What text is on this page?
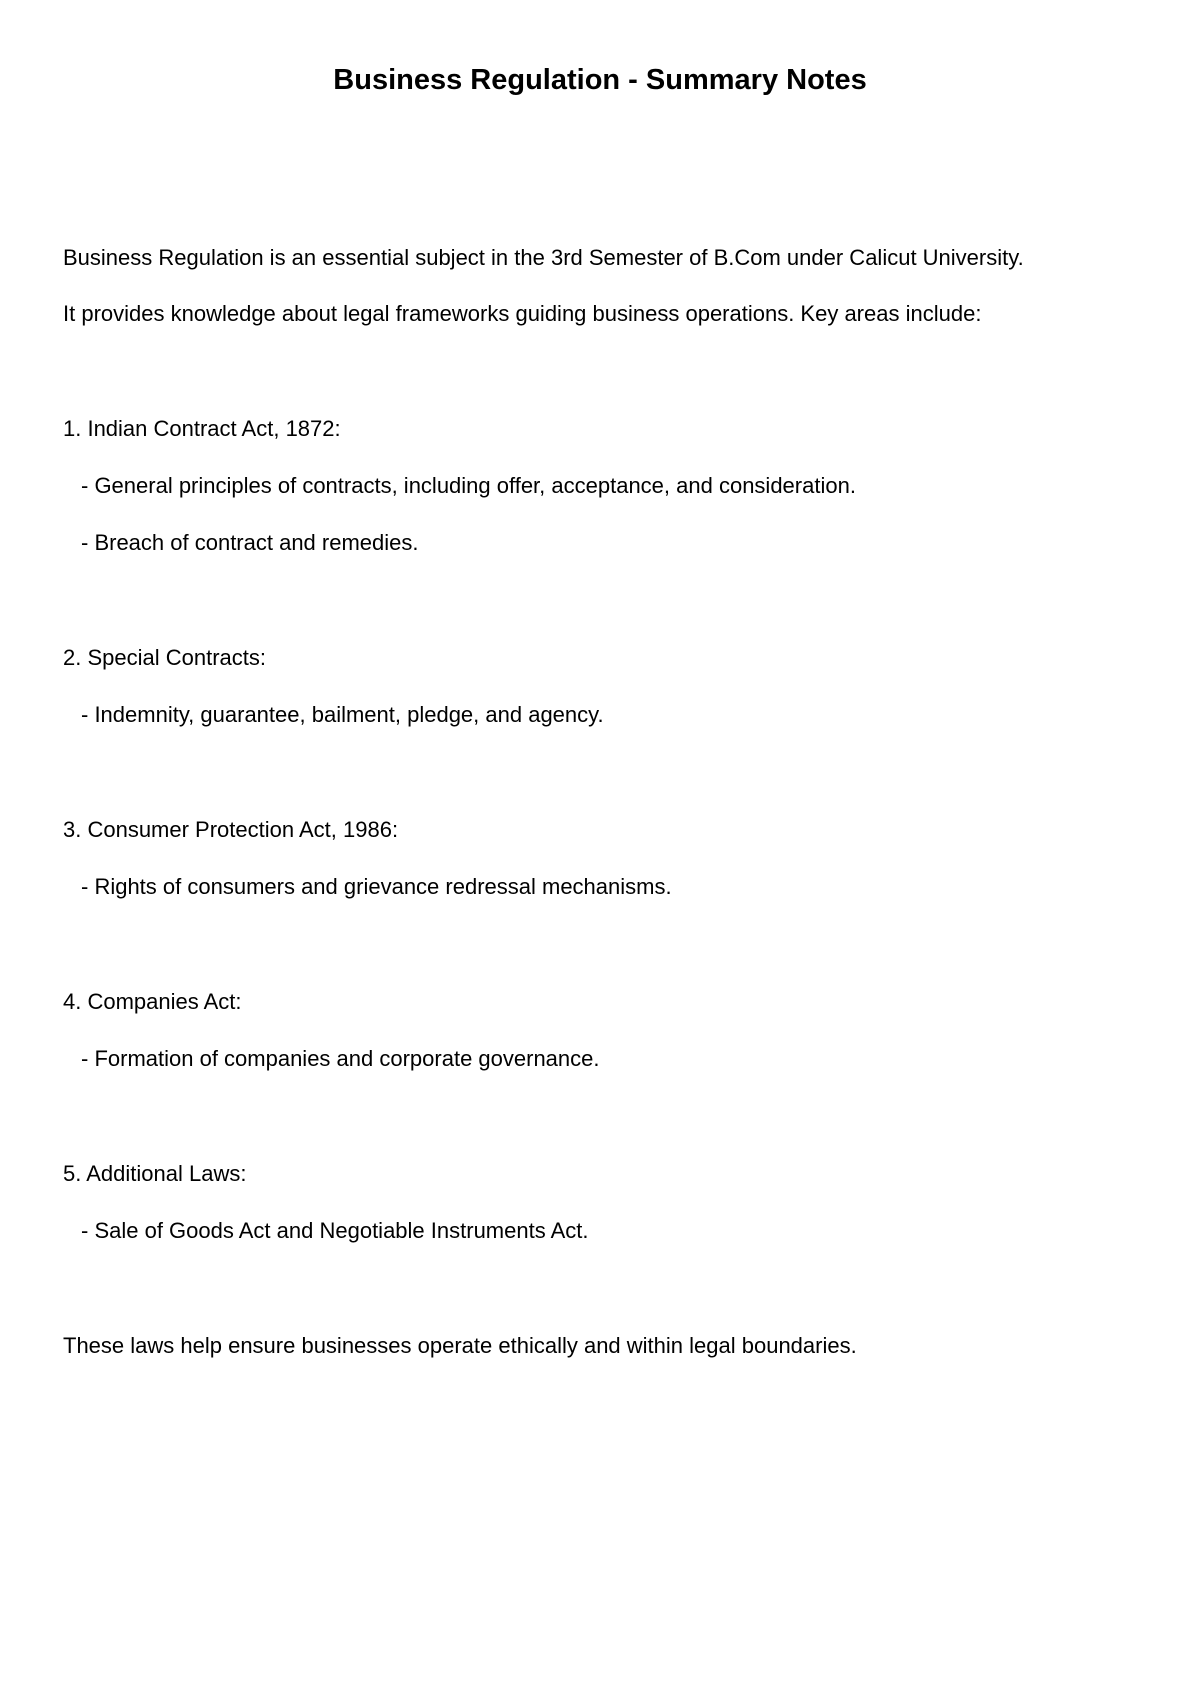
Business Regulation - Summary Notes
Business Regulation is an essential subject in the 3rd Semester of B.Com under Calicut University.
It provides knowledge about legal frameworks guiding business operations. Key areas include:
1. Indian Contract Act, 1872:
- General principles of contracts, including offer, acceptance, and consideration.
- Breach of contract and remedies.
2. Special Contracts:
- Indemnity, guarantee, bailment, pledge, and agency.
3. Consumer Protection Act, 1986:
- Rights of consumers and grievance redressal mechanisms.
4. Companies Act:
- Formation of companies and corporate governance.
5. Additional Laws:
- Sale of Goods Act and Negotiable Instruments Act.
These laws help ensure businesses operate ethically and within legal boundaries.
